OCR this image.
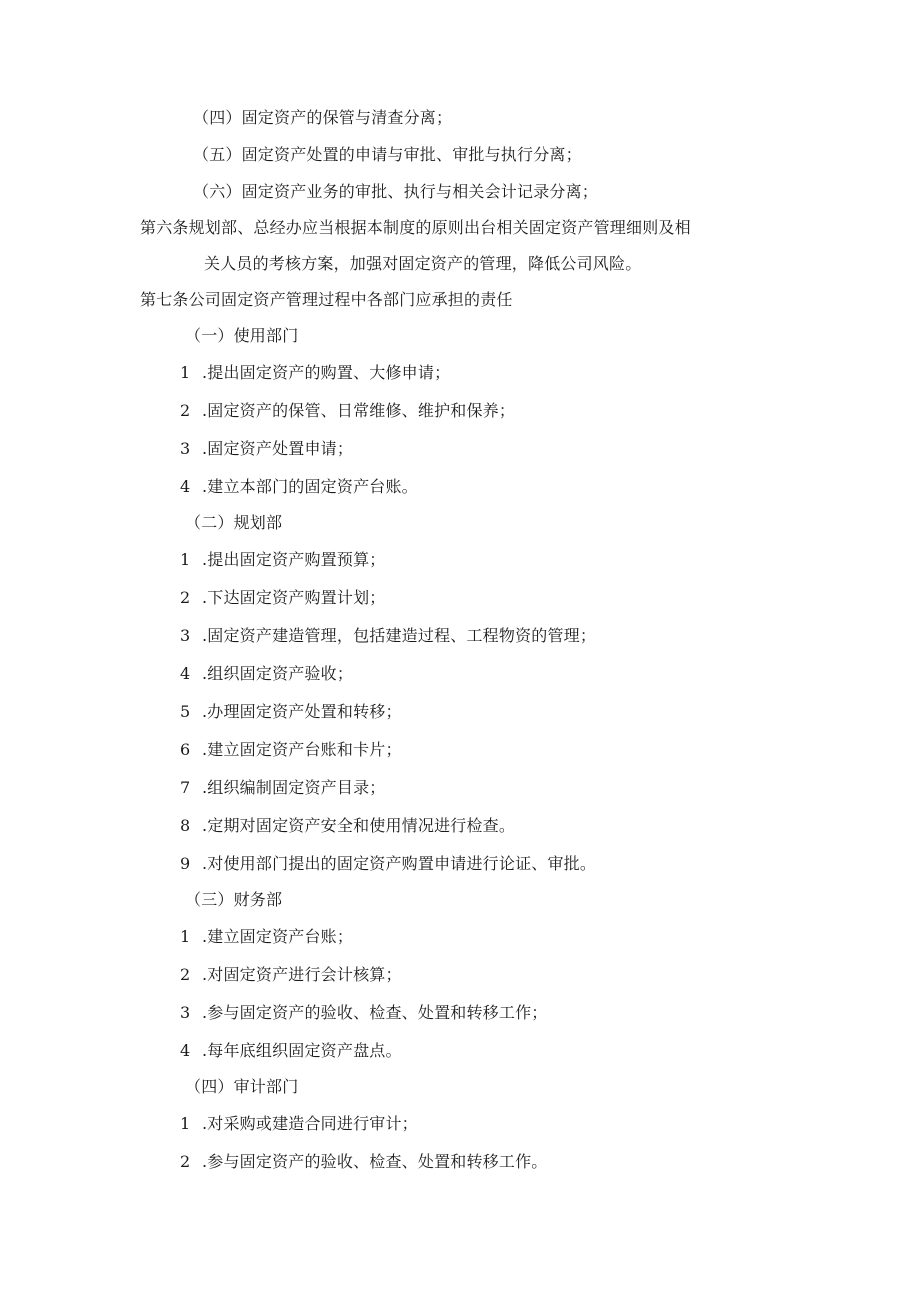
（四）固定资产的保管与清查分离；
（五）固定资产处置的申请与审批、审批与执行分离；
（六）固定资产业务的审批、执行与相关会计记录分离；
第六条规划部、总经办应当根据本制度的原则出台相关固定资产管理细则及相
关人员的考核方案，加强对固定资产的管理，降低公司风险。
第七条公司固定资产管理过程中各部门应承担的责任
（一）使用部门
1 .提出固定资产的购置、大修申请；
2 .固定资产的保管、日常维修、维护和保养；
3 .固定资产处置申请；
4 .建立本部门的固定资产台账。
（二）规划部
1 .提出固定资产购置预算；
2 .下达固定资产购置计划；
3 .固定资产建造管理，包括建造过程、工程物资的管理；
4 .组织固定资产验收；
5 .办理固定资产处置和转移；
6 .建立固定资产台账和卡片；
7 .组织编制固定资产目录；
8 .定期对固定资产安全和使用情况进行检查。
9 .对使用部门提出的固定资产购置申请进行论证、审批。
（三）财务部
1 .建立固定资产台账；
2 .对固定资产进行会计核算；
3 .参与固定资产的验收、检查、处置和转移工作；
4 .每年底组织固定资产盘点。
（四）审计部门
1 .对采购或建造合同进行审计；
2 .参与固定资产的验收、检查、处置和转移工作。
